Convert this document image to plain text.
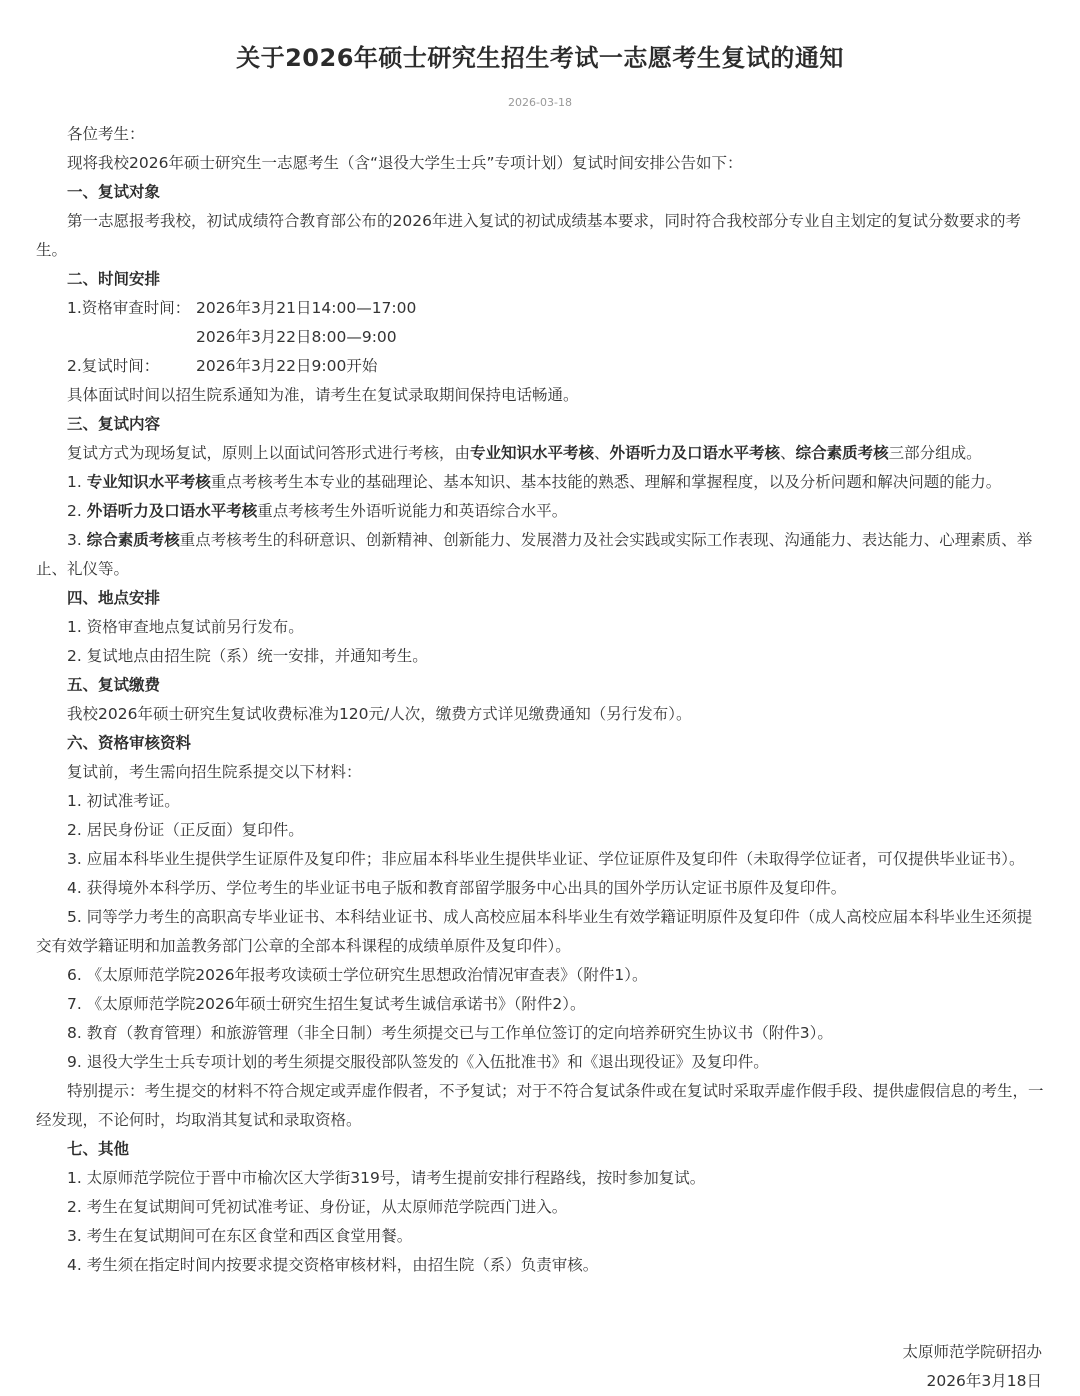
关于2026年硕士研究生招生考试一志愿考生复试的通知
2026-03-18

各位考生：

现将我校2026年硕士研究生一志愿考生（含“退役大学生士兵”专项计划）复试时间安排公告如下：

一、复试对象

第一志愿报考我校，初试成绩符合教育部公布的2026年进入复试的初试成绩基本要求，同时符合我校部分专业自主划定的复试分数要求的考生。

二、时间安排

1.资格审查时间： 2026年3月21日14:00—17:00
2026年3月22日8:00—9:00
2.复试时间：	2026年3月22日9:00开始

具体面试时间以招生院系通知为准，请考生在复试录取期间保持电话畅通。

三、复试内容

复试方式为现场复试，原则上以面试问答形式进行考核，由专业知识水平考核、外语听力及口语水平考核、综合素质考核三部分组成。

1. 专业知识水平考核重点考核考生本专业的基础理论、基本知识、基本技能的熟悉、理解和掌握程度，以及分析问题和解决问题的能力。

2. 外语听力及口语水平考核重点考核考生外语听说能力和英语综合水平。

3. 综合素质考核重点考核考生的科研意识、创新精神、创新能力、发展潜力及社会实践或实际工作表现、沟通能力、表达能力、心理素质、举止、礼仪等。

四、地点安排

1. 资格审查地点复试前另行发布。

2. 复试地点由招生院（系）统一安排，并通知考生。

五、复试缴费

我校2026年硕士研究生复试收费标准为120元/人次，缴费方式详见缴费通知（另行发布）。

六、资格审核资料

复试前，考生需向招生院系提交以下材料：

1. 初试准考证。

2. 居民身份证（正反面）复印件。

3. 应届本科毕业生提供学生证原件及复印件；非应届本科毕业生提供毕业证、学位证原件及复印件（未取得学位证者，可仅提供毕业证书）。

4. 获得境外本科学历、学位考生的毕业证书电子版和教育部留学服务中心出具的国外学历认定证书原件及复印件。

5. 同等学力考生的高职高专毕业证书、本科结业证书、成人高校应届本科毕业生有效学籍证明原件及复印件（成人高校应届本科毕业生还须提交有效学籍证明和加盖教务部门公章的全部本科课程的成绩单原件及复印件）。

6. 《太原师范学院2026年报考攻读硕士学位研究生思想政治情况审查表》（附件1）。

7. 《太原师范学院2026年硕士研究生招生复试考生诚信承诺书》（附件2）。

8. 教育（教育管理）和旅游管理（非全日制）考生须提交已与工作单位签订的定向培养研究生协议书（附件3）。

9. 退役大学生士兵专项计划的考生须提交服役部队签发的《入伍批准书》和《退出现役证》及复印件。

特别提示：考生提交的材料不符合规定或弄虚作假者，不予复试；对于不符合复试条件或在复试时采取弄虚作假手段、提供虚假信息的考生，一经发现，不论何时，均取消其复试和录取资格。

七、其他

1. 太原师范学院位于晋中市榆次区大学街319号，请考生提前安排行程路线，按时参加复试。

2. 考生在复试期间可凭初试准考证、身份证，从太原师范学院西门进入。

3. 考生在复试期间可在东区食堂和西区食堂用餐。

4. 考生须在指定时间内按要求提交资格审核材料，由招生院（系）负责审核。

太原师范学院研招办

2026年3月18日
